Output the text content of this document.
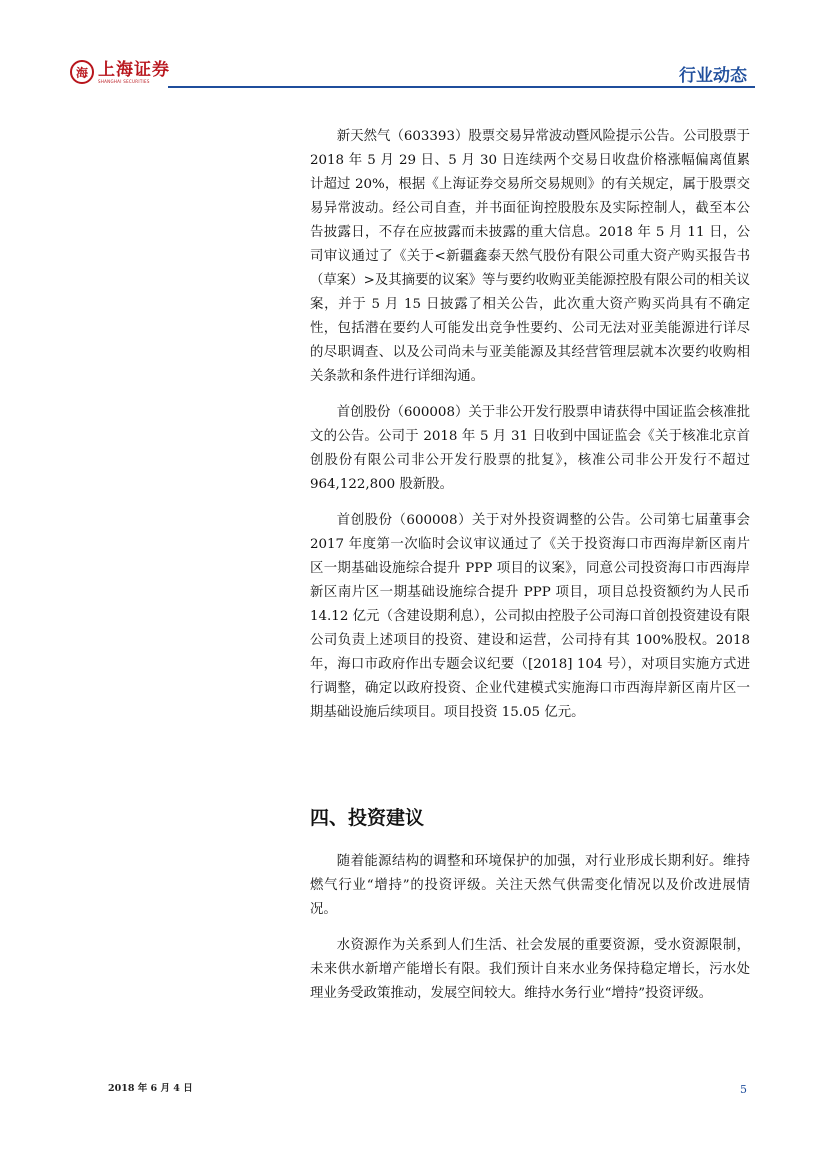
海 上海证券
SHANGHAI SECURITIES	行业动态

新天然气（603393）股票交易异常波动暨风险提示公告。公司股票于 2018 年 5 月 29 日、5 月 30 日连续两个交易日收盘价格涨幅偏离值累计超过 20%，根据《上海证券交易所交易规则》的有关规定，属于股票交易异常波动。经公司自查，并书面征询控股股东及实际控制人，截至本公告披露日，不存在应披露而未披露的重大信息。2018 年 5 月 11 日，公司审议通过了《关于<新疆鑫泰天然气股份有限公司重大资产购买报告书（草案）>及其摘要的议案》等与要约收购亚美能源控股有限公司的相关议案，并于 5 月 15 日披露了相关公告，此次重大资产购买尚具有不确定性，包括潜在要约人可能发出竞争性要约、公司无法对亚美能源进行详尽的尽职调查、以及公司尚未与亚美能源及其经营管理层就本次要约收购相关条款和条件进行详细沟通。

首创股份（600008）关于非公开发行股票申请获得中国证监会核准批文的公告。公司于 2018 年 5 月 31 日收到中国证监会《关于核准北京首创股份有限公司非公开发行股票的批复》，核准公司非公开发行不超过 964,122,800 股新股。

首创股份（600008）关于对外投资调整的公告。公司第七届董事会 2017 年度第一次临时会议审议通过了《关于投资海口市西海岸新区南片区一期基础设施综合提升 PPP 项目的议案》，同意公司投资海口市西海岸新区南片区一期基础设施综合提升 PPP 项目，项目总投资额约为人民币 14.12 亿元（含建设期利息），公司拟由控股子公司海口首创投资建设有限公司负责上述项目的投资、建设和运营，公司持有其 100%股权。2018 年，海口市政府作出专题会议纪要（[2018] 104 号），对项目实施方式进行调整，确定以政府投资、企业代建模式实施海口市西海岸新区南片区一期基础设施后续项目。项目投资 15.05 亿元。

四、投资建议

随着能源结构的调整和环境保护的加强，对行业形成长期利好。维持燃气行业“增持”的投资评级。关注天然气供需变化情况以及价改进展情况。

水资源作为关系到人们生活、社会发展的重要资源，受水资源限制，未来供水新增产能增长有限。我们预计自来水业务保持稳定增长，污水处理业务受政策推动，发展空间较大。维持水务行业“增持”投资评级。

2018 年 6 月 4 日	5
